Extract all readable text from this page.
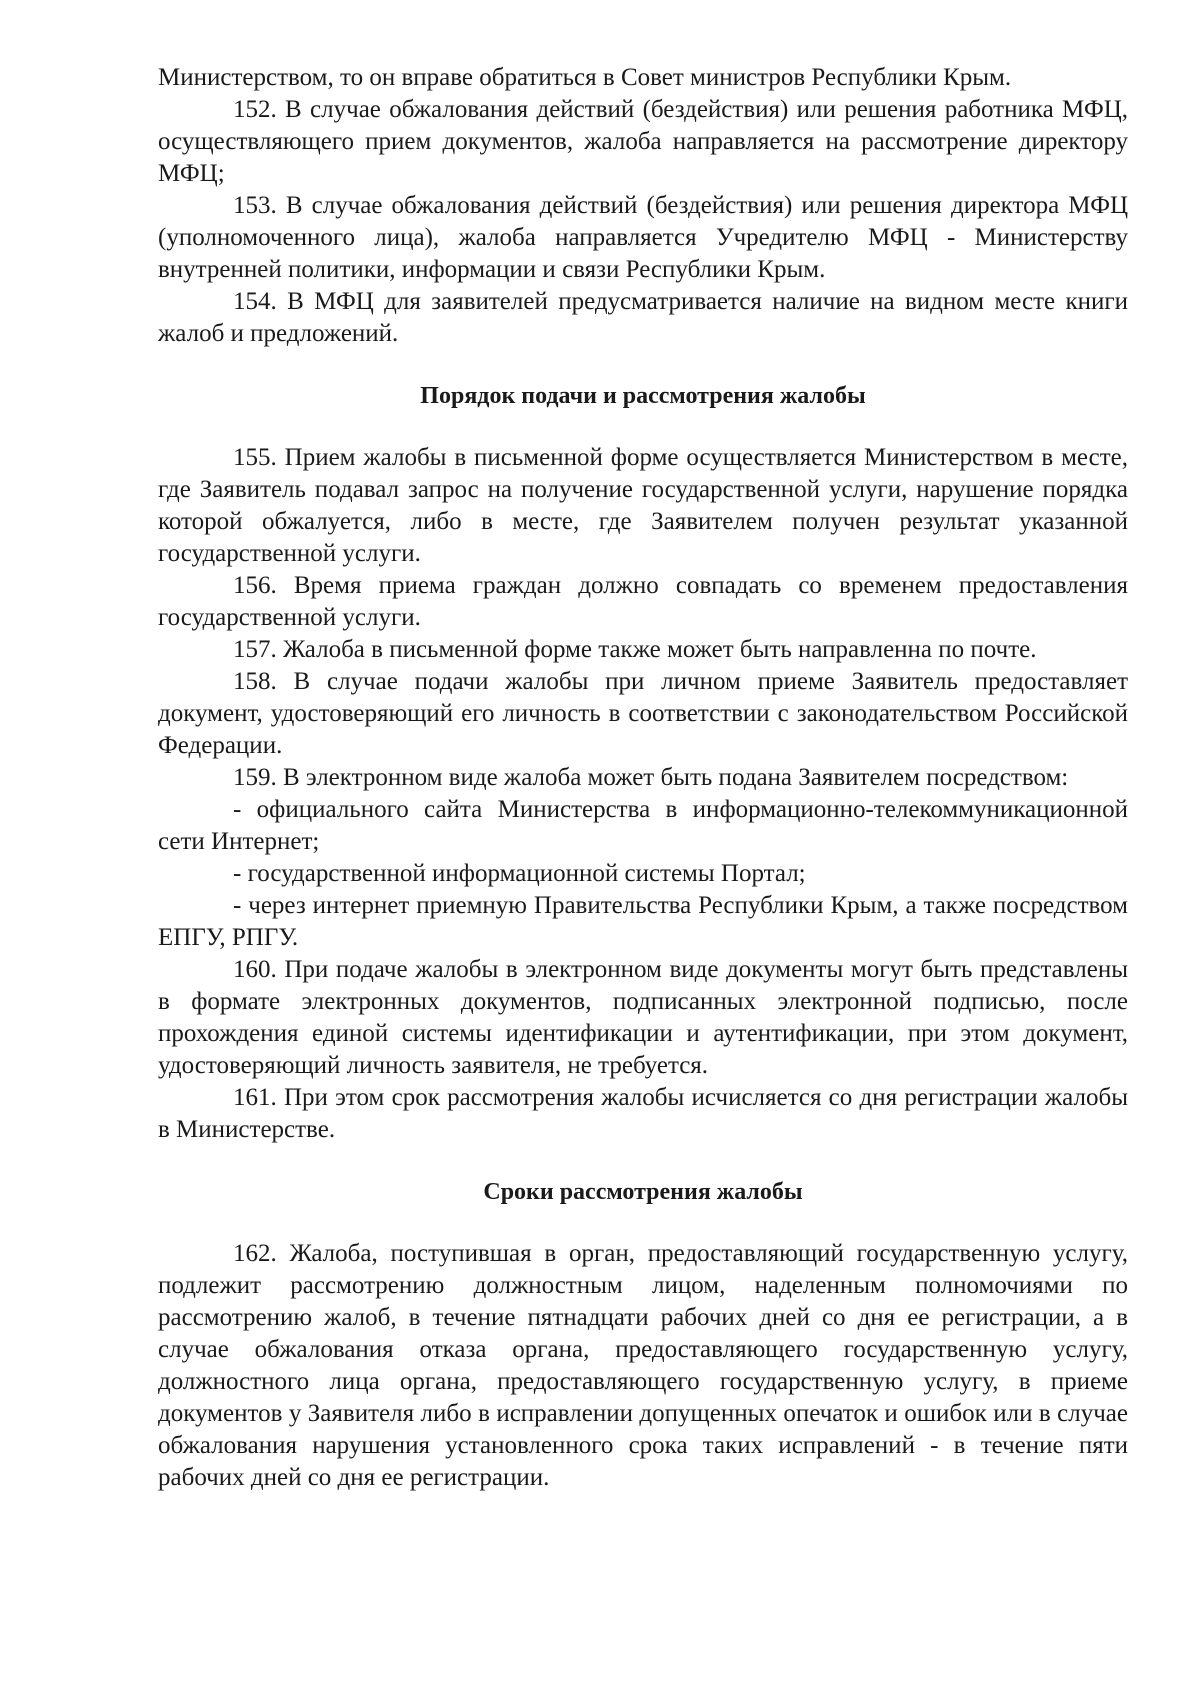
Министерством, то он вправе обратиться в Совет министров Республики Крым.

152. В случае обжалования действий (бездействия) или решения работника МФЦ, осуществляющего прием документов, жалоба направляется на рассмотрение директору МФЦ;

153. В случае обжалования действий (бездействия) или решения директора МФЦ (уполномоченного лица), жалоба направляется Учредителю МФЦ - Министерству внутренней политики, информации и связи Республики Крым.

154. В МФЦ для заявителей предусматривается наличие на видном месте книги жалоб и предложений.

Порядок подачи и рассмотрения жалобы

155. Прием жалобы в письменной форме осуществляется Министерством в месте, где Заявитель подавал запрос на получение государственной услуги, нарушение порядка которой обжалуется, либо в месте, где Заявителем получен результат указанной государственной услуги.

156. Время приема граждан должно совпадать со временем предоставления государственной услуги.

157. Жалоба в письменной форме также может быть направленна по почте.

158. В случае подачи жалобы при личном приеме Заявитель предоставляет документ, удостоверяющий его личность в соответствии с законодательством Российской Федерации.

159. В электронном виде жалоба может быть подана Заявителем посредством:

- официального сайта Министерства в информационно-телекоммуникационной сети Интернет;

- государственной информационной системы Портал;

- через интернет приемную Правительства Республики Крым, а также посредством ЕПГУ, РПГУ.

160. При подаче жалобы в электронном виде документы могут быть представлены в формате электронных документов, подписанных электронной подписью, после прохождения единой системы идентификации и аутентификации, при этом документ, удостоверяющий личность заявителя, не требуется.

161. При этом срок рассмотрения жалобы исчисляется со дня регистрации жалобы в Министерстве.

Сроки рассмотрения жалобы

162. Жалоба, поступившая в орган, предоставляющий государственную услугу, подлежит рассмотрению должностным лицом, наделенным полномочиями по рассмотрению жалоб, в течение пятнадцати рабочих дней со дня ее регистрации, а в случае обжалования отказа органа, предоставляющего государственную услугу, должностного лица органа, предоставляющего государственную услугу, в приеме документов у Заявителя либо в исправлении допущенных опечаток и ошибок или в случае обжалования нарушения установленного срока таких исправлений - в течение пяти рабочих дней со дня ее регистрации.
